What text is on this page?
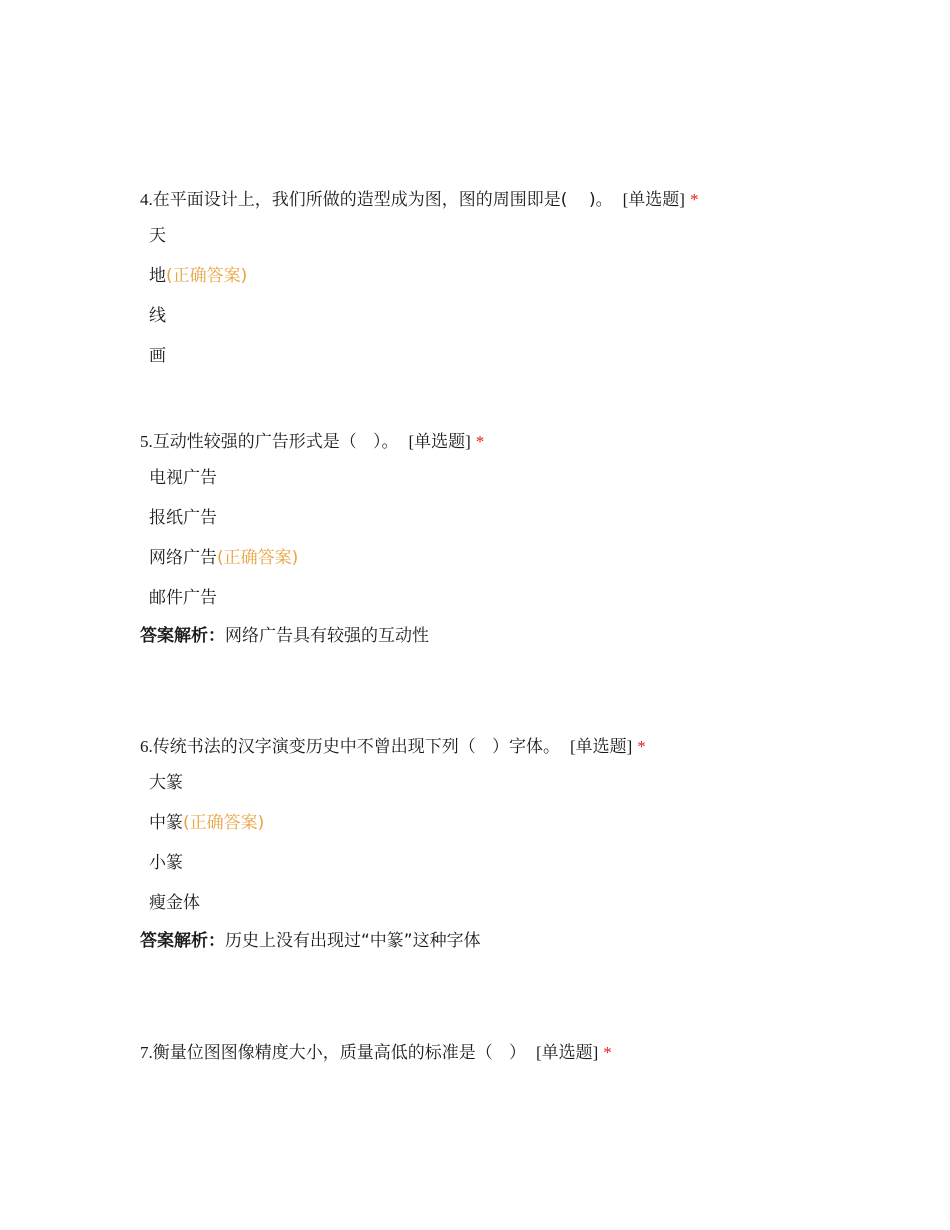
4.在平面设计上，我们所做的造型成为图，图的周围即是(    )。 [单选题] *
天
地(正确答案)
线
画
5.互动性较强的广告形式是（   ）。 [单选题] *
电视广告
报纸广告
网络广告(正确答案)
邮件广告
答案解析：网络广告具有较强的互动性
6.传统书法的汉字演变历史中不曾出现下列（   ）字体。 [单选题] *
大篆
中篆(正确答案)
小篆
瘦金体
答案解析：历史上没有出现过“中篆”这种字体
7.衡量位图图像精度大小，质量高低的标准是（   ） [单选题] *
